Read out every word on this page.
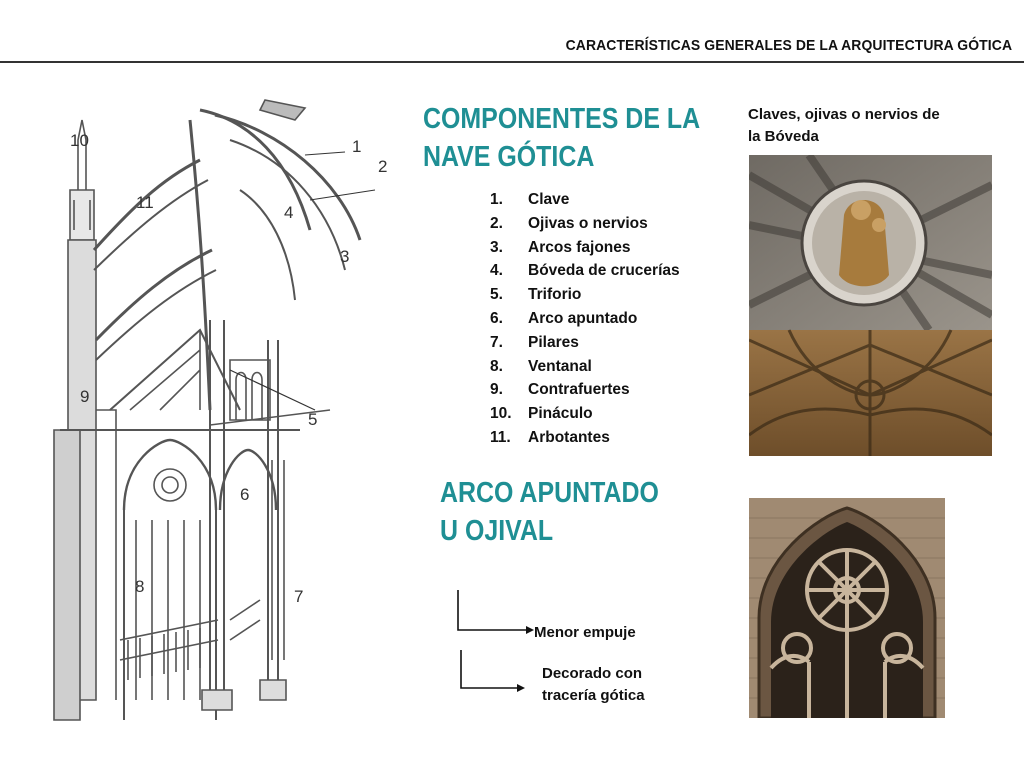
CARACTERÍSTICAS GENERALES DE LA ARQUITECTURA GÓTICA
1
2
3
4
5
6
7
8
9
10
11
COMPONENTES DE LA
NAVE GÓTICA
1.	Clave
2.	Ojivas o nervios
3.	Arcos fajones
4.	Bóveda de crucerías
5.	Triforio
6.	Arco apuntado
7.	Pilares
8.	Ventanal
9.	Contrafuertes
10.	Pináculo
11.	Arbotantes
Claves, ojivas o nervios de
la Bóveda
ARCO APUNTADO
U OJIVAL
Menor empuje
Decorado con
tracería gótica
